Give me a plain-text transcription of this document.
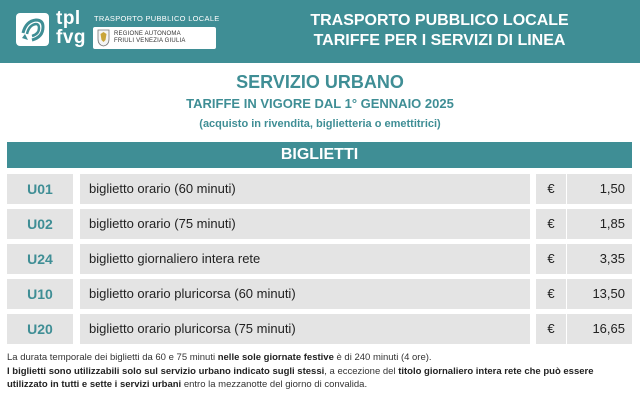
tpl
fvg
TRASPORTO PUBBLICO LOCALE
REGIONE AUTONOMA
FRIULI VENEZIA GIULIA
TRASPORTO PUBBLICO LOCALE
TARIFFE PER I SERVIZI DI LINEA
SERVIZIO URBANO
TARIFFE IN VIGORE DAL 1° GENNAIO 2025
(acquisto in rivendita, biglietteria o emettitrici)
BIGLIETTI
U01	biglietto orario (60 minuti)	€	1,50
U02	biglietto orario (75 minuti)	€	1,85
U24	biglietto giornaliero intera rete	€	3,35
U10	biglietto orario pluricorsa (60 minuti)	€	13,50
U20	biglietto orario pluricorsa (75 minuti)	€	16,65
La durata temporale dei biglietti da 60 e 75 minuti nelle sole giornate festive è di 240 minuti (4 ore).
I biglietti sono utilizzabili solo sul servizio urbano indicato sugli stessi, a eccezione del titolo giornaliero intera rete che può essere utilizzato in tutti e sette i servizi urbani entro la mezzanotte del giorno di convalida.
